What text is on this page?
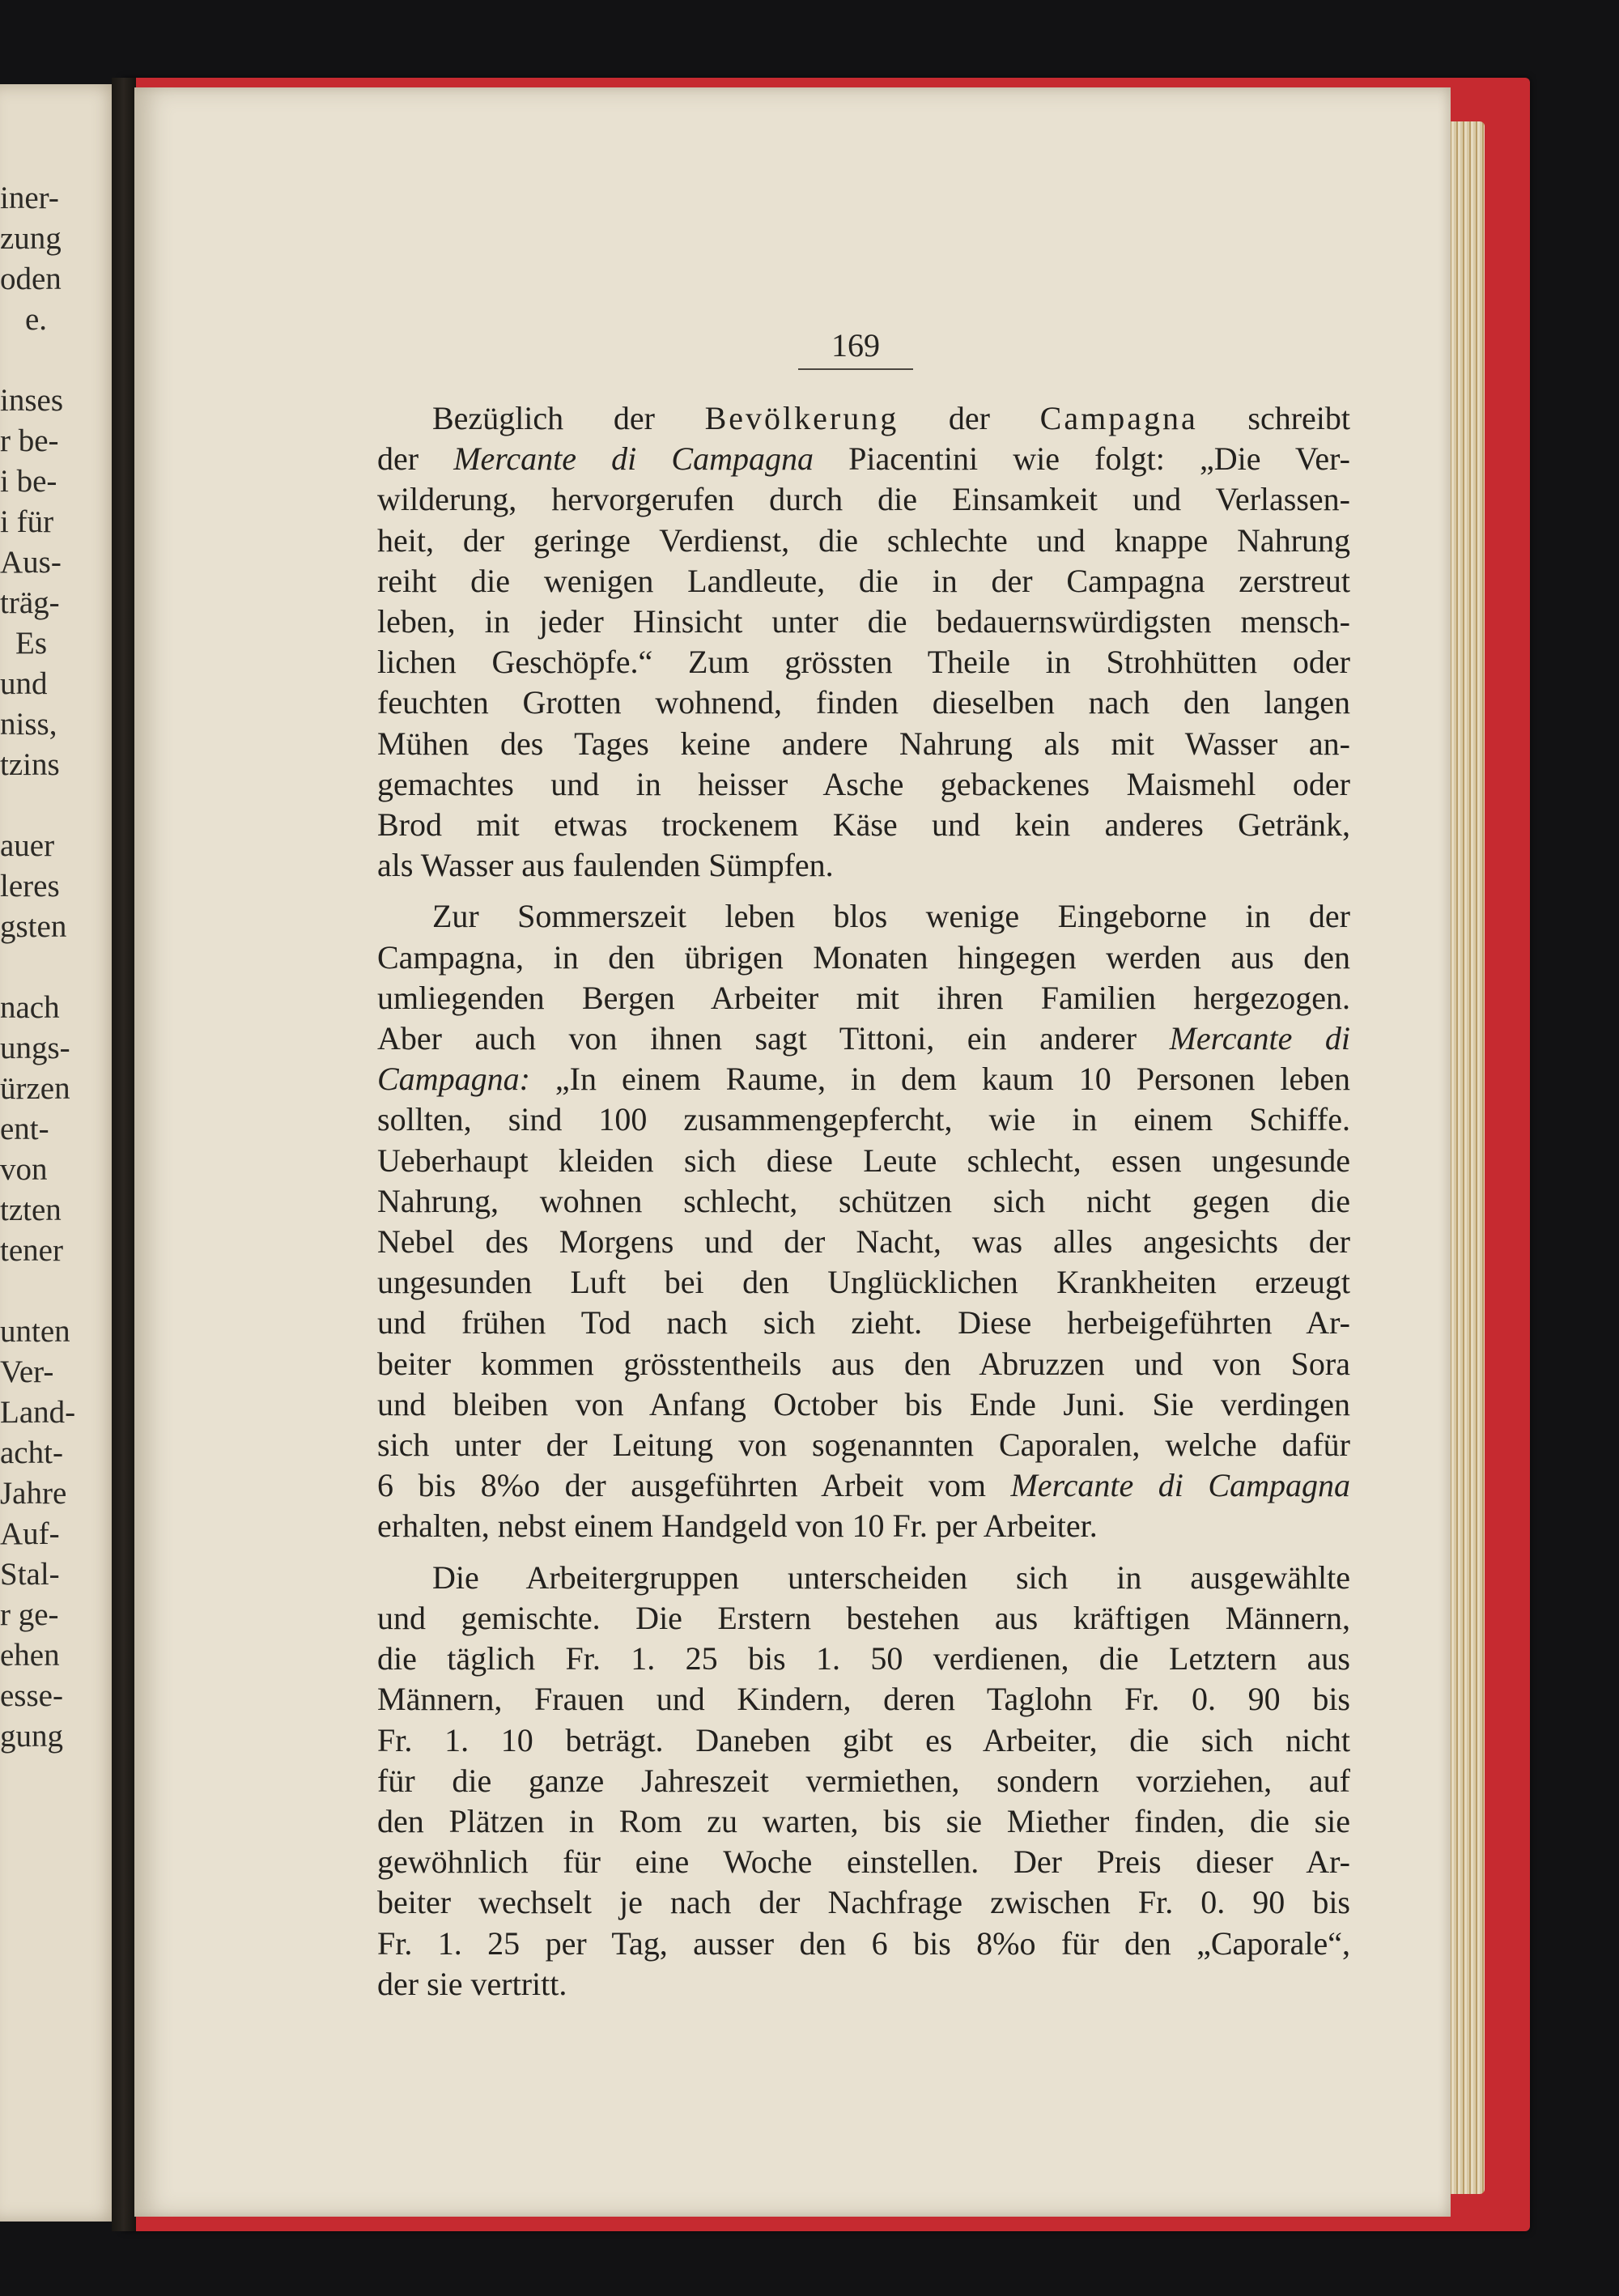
iner-
zung
oden
e.
inses
r be-
i be-
i für
Aus-
träg-
Es
und
niss,
tzins
auer
leres
gsten
nach
ungs-
ürzen
ent-
von
tzten
tener
unten
Ver-
Land-
acht-
Jahre
Auf-
Stal-
r ge-
ehen
esse-
gung
169
Bezüglich der Bevölkerung der Campagna schreibt
der Mercante di Campagna Piacentini wie folgt: „Die Ver-
wilderung, hervorgerufen durch die Einsamkeit und Verlassen-
heit, der geringe Verdienst, die schlechte und knappe Nahrung
reiht die wenigen Landleute, die in der Campagna zerstreut
leben, in jeder Hinsicht unter die bedauernswürdigsten mensch-
lichen Geschöpfe.“ Zum grössten Theile in Strohhütten oder
feuchten Grotten wohnend, finden dieselben nach den langen
Mühen des Tages keine andere Nahrung als mit Wasser an-
gemachtes und in heisser Asche gebackenes Maismehl oder
Brod mit etwas trockenem Käse und kein anderes Getränk,
als Wasser aus faulenden Sümpfen.
Zur Sommerszeit leben blos wenige Eingeborne in der
Campagna, in den übrigen Monaten hingegen werden aus den
umliegenden Bergen Arbeiter mit ihren Familien hergezogen.
Aber auch von ihnen sagt Tittoni, ein anderer Mercante di
Campagna: „In einem Raume, in dem kaum 10 Personen leben
sollten, sind 100 zusammengepfercht, wie in einem Schiffe.
Ueberhaupt kleiden sich diese Leute schlecht, essen ungesunde
Nahrung, wohnen schlecht, schützen sich nicht gegen die
Nebel des Morgens und der Nacht, was alles angesichts der
ungesunden Luft bei den Unglücklichen Krankheiten erzeugt
und frühen Tod nach sich zieht. Diese herbeigeführten Ar-
beiter kommen grösstentheils aus den Abruzzen und von Sora
und bleiben von Anfang October bis Ende Juni. Sie verdingen
sich unter der Leitung von sogenannten Caporalen, welche dafür
6 bis 8%o der ausgeführten Arbeit vom Mercante di Campagna
erhalten, nebst einem Handgeld von 10 Fr. per Arbeiter.
Die Arbeitergruppen unterscheiden sich in ausgewählte
und gemischte. Die Erstern bestehen aus kräftigen Männern,
die täglich Fr. 1. 25 bis 1. 50 verdienen, die Letztern aus
Männern, Frauen und Kindern, deren Taglohn Fr. 0. 90 bis
Fr. 1. 10 beträgt. Daneben gibt es Arbeiter, die sich nicht
für die ganze Jahreszeit vermiethen, sondern vorziehen, auf
den Plätzen in Rom zu warten, bis sie Miether finden, die sie
gewöhnlich für eine Woche einstellen. Der Preis dieser Ar-
beiter wechselt je nach der Nachfrage zwischen Fr. 0. 90 bis
Fr. 1. 25 per Tag, ausser den 6 bis 8%o für den „Caporale“,
der sie vertritt.
